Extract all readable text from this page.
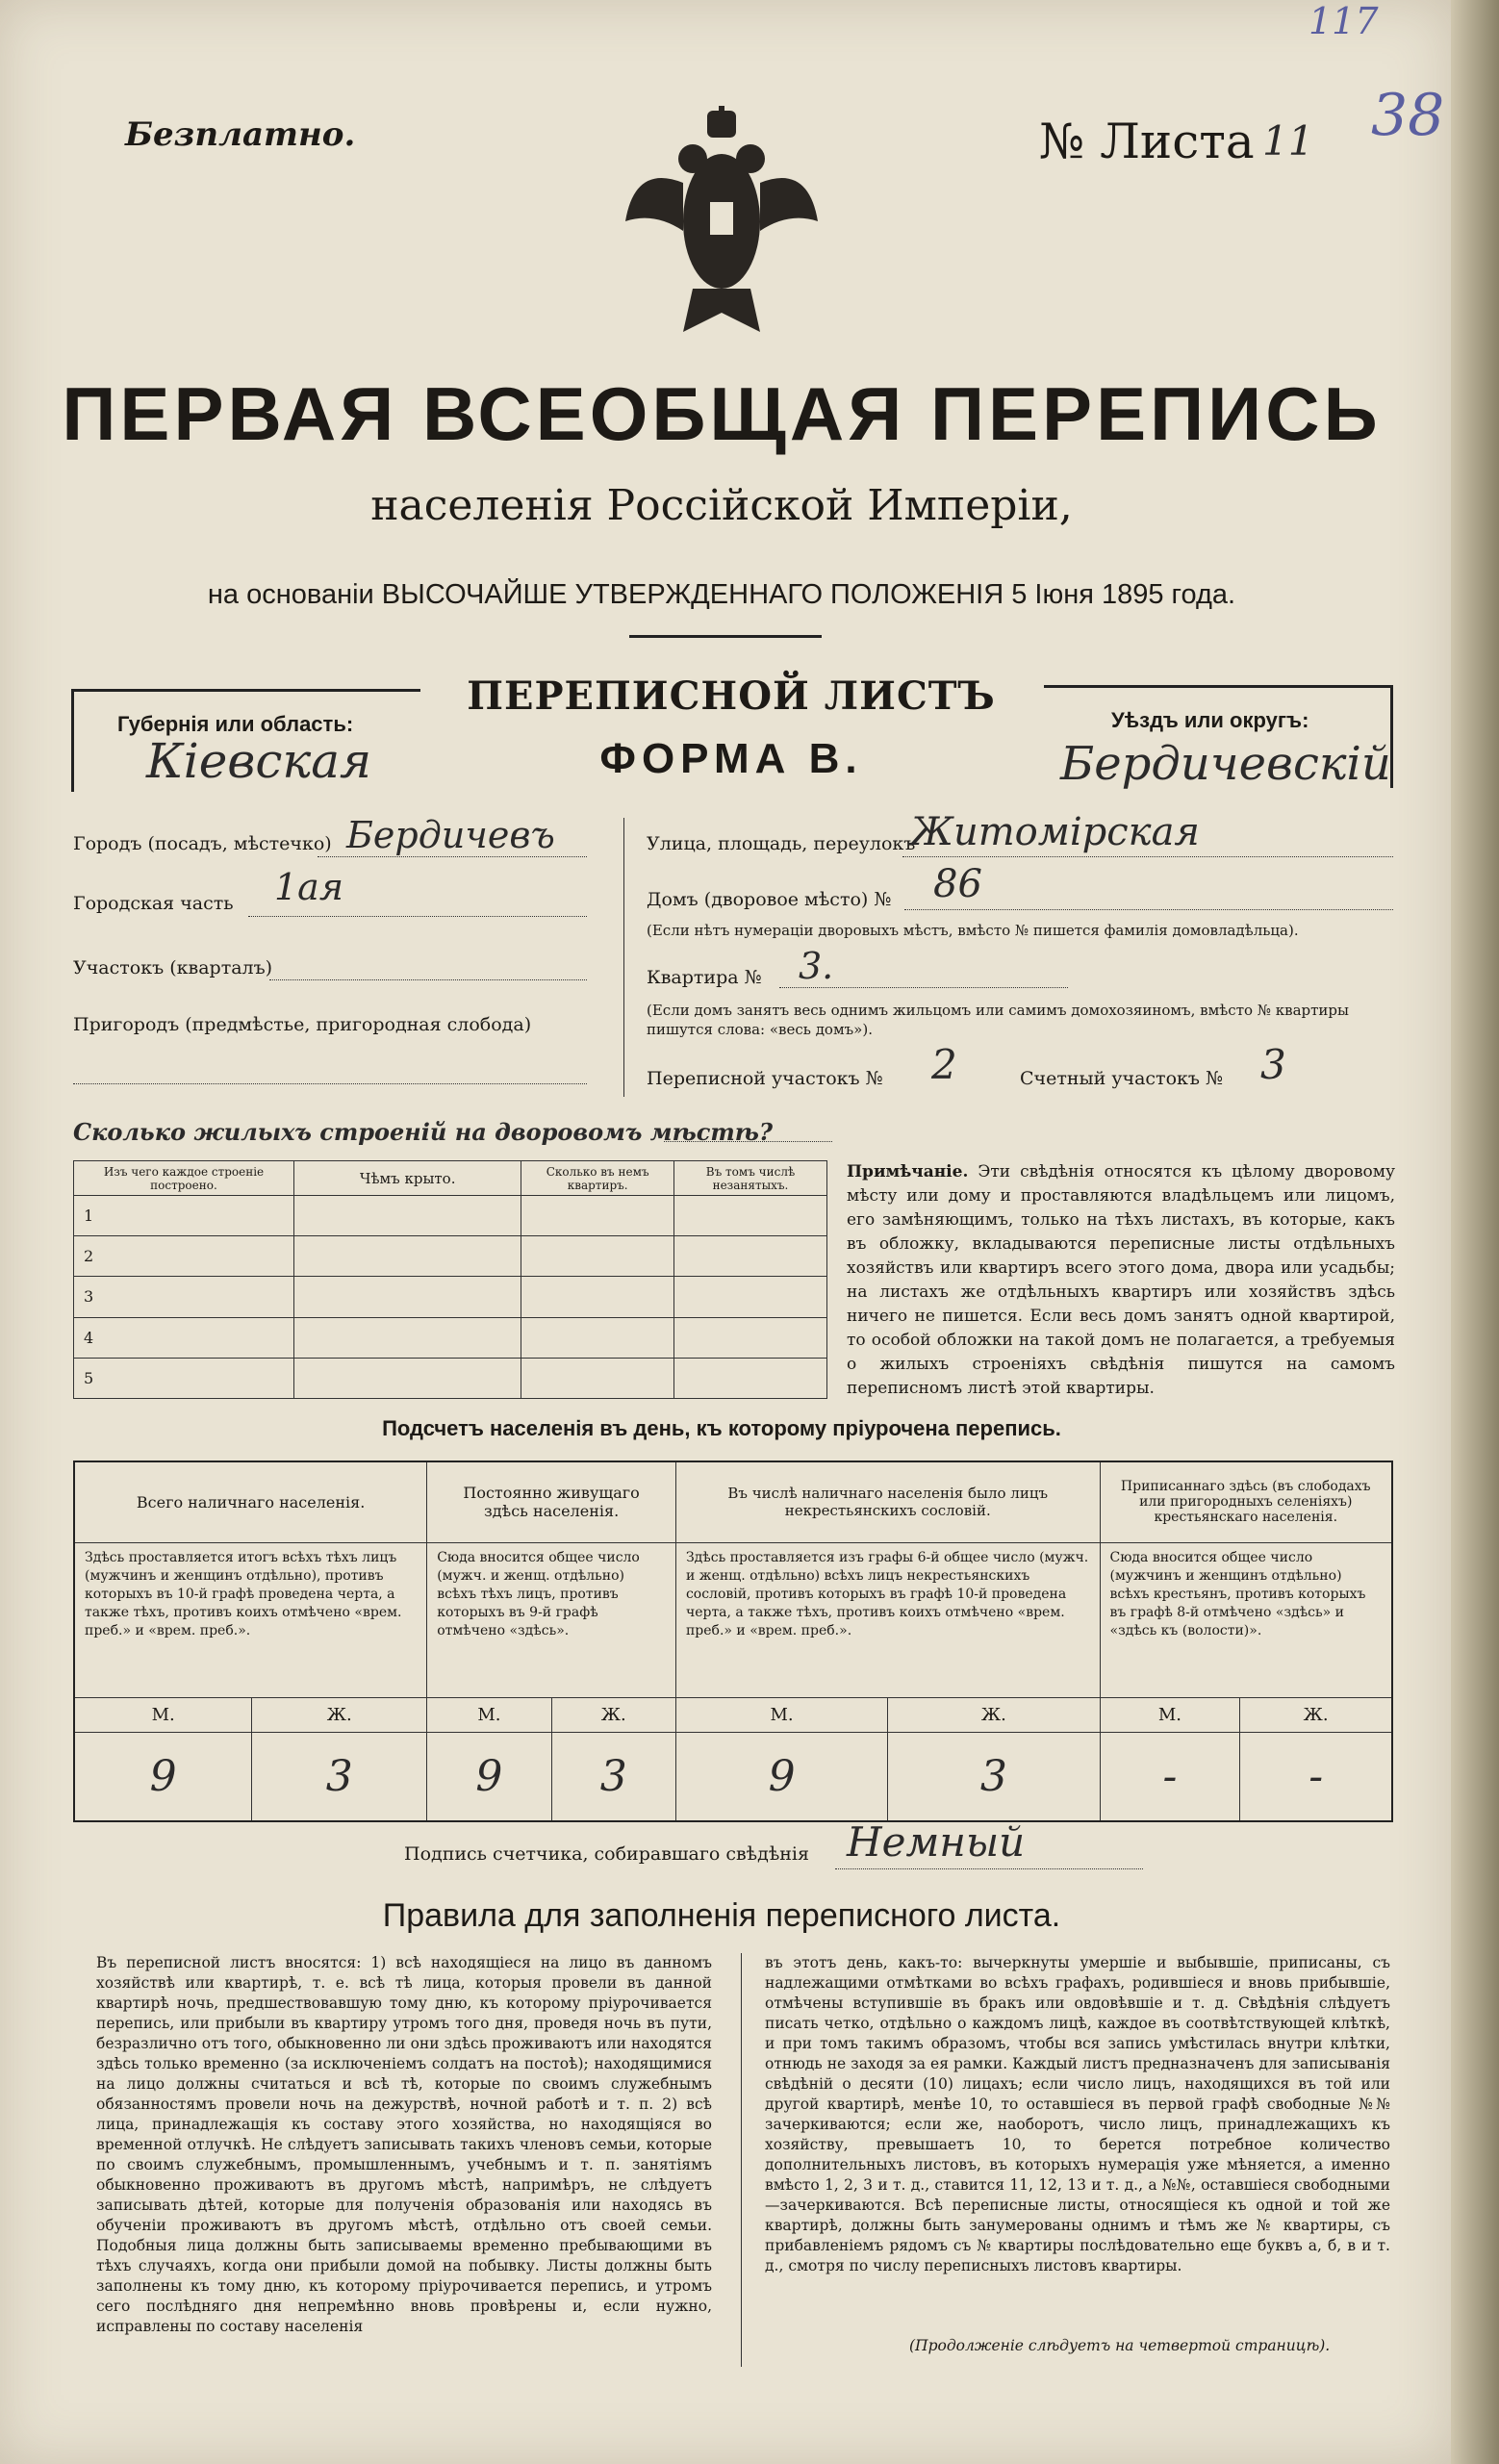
Безплатно.	№ Листа 11
117
38
ПЕРВАЯ ВСЕОБЩАЯ ПЕРЕПИСЬ
населенія Россійской Имперіи,
на основаніи ВЫСОЧАЙШЕ УТВЕРЖДЕННАГО ПОЛОЖЕНІЯ 5 Іюня 1895 года.
Губернія или область:
Кіевская
ПЕРЕПИСНОЙ ЛИСТЪ
ФОРМА В.
Уѣздъ или округъ:
Бердичевскій
Городъ (посадъ, мѣстечко) Бердичевъ
Городская часть 1ая
Участокъ (кварталъ)
Пригородъ (предмѣстье, пригородная слобода)
Улица, площадь, переулокъ
Житомірская
Домъ (дворовое мѣсто) № 86
(Если нѣтъ нумераціи дворовыхъ мѣстъ, вмѣсто № пишется фамилія домовладѣльца).
Квартира № 3.
(Если домъ занятъ весь однимъ жильцомъ или самимъ домохозяиномъ, вмѣсто № квартиры пишутся слова: «весь домъ»).
Переписной участокъ № 2	Счетный участокъ № 3
Сколько жилыхъ строеній на дворовомъ мѣстѣ?
Изъ чего каждое строеніе построено.	Чѣмъ крыто.	Сколько въ немъ квартиръ.	Въ томъ числѣ незанятыхъ.
1			
2			
3			
4			
5			
Примѣчаніе. Эти свѣдѣнія относятся къ цѣлому дворовому мѣсту или дому и проставляются владѣльцемъ или лицомъ, его замѣняющимъ, только на тѣхъ листахъ, въ которые, какъ въ обложку, вкладываются переписные листы отдѣльныхъ хозяйствъ или квартиръ всего этого дома, двора или усадьбы; на листахъ же отдѣльныхъ квартиръ или хозяйствъ здѣсь ничего не пишется. Если весь домъ занятъ одной квартирой, то особой обложки на такой домъ не полагается, а требуемыя о жилыхъ строеніяхъ свѣдѣнія пишутся на самомъ переписномъ листѣ этой квартиры.
Подсчетъ населенія въ день, къ которому пріурочена перепись.
Всего наличнаго населенія.		Постоянно живущаго здѣсь населенія.		Въ числѣ наличнаго населенія было лицъ некрестьянскихъ сословій.		Приписаннаго здѣсь (въ слободахъ или пригородныхъ селеніяхъ) крестьянскаго населенія.	
Здѣсь проставляется итогъ всѣхъ тѣхъ лицъ (мужчинъ и женщинъ отдѣльно), противъ которыхъ въ 10-й графѣ проведена черта, а также тѣхъ, противъ коихъ отмѣчено «врем. преб.» и «врем. преб.».		Сюда вносится общее число (мужч. и женщ. отдѣльно) всѣхъ тѣхъ лицъ, противъ которыхъ въ 9-й графѣ отмѣчено «здѣсь».		Здѣсь проставляется изъ графы 6-й общее число (мужч. и женщ. отдѣльно) всѣхъ лицъ некрестьянскихъ сословій, противъ которыхъ въ графѣ 10-й проведена черта, а также тѣхъ, противъ коихъ отмѣчено «врем. преб.» и «врем. преб.».		Сюда вносится общее число (мужчинъ и женщинъ отдѣльно) всѣхъ крестьянъ, противъ которыхъ въ графѣ 8-й отмѣчено «здѣсь» и «здѣсь къ (волости)».	
М.	Ж.	М.	Ж.	М.	Ж.	М.	Ж.
9	3	9	3	9	3	-	-
Подпись счетчика, собиравшаго свѣдѣнія Немный
Правила для заполненія переписного листа.
Въ переписной листъ вносятся: 1) всѣ находящіеся на лицо въ данномъ хозяйствѣ или квартирѣ, т. е. всѣ тѣ лица, которыя провели въ данной квартирѣ ночь, предшествовавшую тому дню, къ которому пріурочивается перепись, или прибыли въ квартиру утромъ того дня, проведя ночь въ пути, безразлично отъ того, обыкновенно ли они здѣсь проживаютъ или находятся здѣсь только временно (за исключеніемъ солдатъ на постоѣ); находящимися на лицо должны считаться и всѣ тѣ, которые по своимъ служебнымъ обязанностямъ провели ночь на дежурствѣ, ночной работѣ и т. п. 2) всѣ лица, принадлежащія къ составу этого хозяйства, но находящіяся во временной отлучкѣ. Не слѣдуетъ записывать такихъ членовъ семьи, которые по своимъ служебнымъ, промышленнымъ, учебнымъ и т. п. занятіямъ обыкновенно проживаютъ въ другомъ мѣстѣ, напримѣръ, не слѣдуетъ записывать дѣтей, которые для полученія образованія или находясь въ обученіи проживаютъ въ другомъ мѣстѣ, отдѣльно отъ своей семьи. Подобныя лица должны быть записываемы временно пребывающими въ тѣхъ случаяхъ, когда они прибыли домой на побывку. Листы должны быть заполнены къ тому дню, къ которому пріурочивается перепись, и утромъ сего послѣдняго дня непремѣнно вновь провѣрены и, если нужно, исправлены по составу населенія
въ этотъ день, какъ-то: вычеркнуты умершіе и выбывшіе, приписаны, съ надлежащими отмѣтками во всѣхъ графахъ, родившіеся и вновь прибывшіе, отмѣчены вступившіе въ бракъ или овдовѣвшіе и т. д. Свѣдѣнія слѣдуетъ писать четко, отдѣльно о каждомъ лицѣ, каждое въ соотвѣтствующей клѣткѣ, и при томъ такимъ образомъ, чтобы вся запись умѣстилась внутри клѣтки, отнюдь не заходя за ея рамки. Каждый листъ предназначенъ для записыванія свѣдѣній о десяти (10) лицахъ; если число лицъ, находящихся въ той или другой квартирѣ, менѣе 10, то оставшіеся въ первой графѣ свободные №№ зачеркиваются; если же, наоборотъ, число лицъ, принадлежащихъ къ хозяйству, превышаетъ 10, то берется потребное количество дополнительныхъ листовъ, въ которыхъ нумерація уже мѣняется, а именно вмѣсто 1, 2, 3 и т. д., ставится 11, 12, 13 и т. д., а №№, оставшіеся свободными—зачеркиваются. Всѣ переписные листы, относящіеся къ одной и той же квартирѣ, должны быть занумерованы однимъ и тѣмъ же № квартиры, съ прибавленіемъ рядомъ съ № квартиры послѣдовательно еще буквъ а, б, в и т. д., смотря по числу переписныхъ листовъ квартиры.
(Продолженіе слѣдуетъ на четвертой страницѣ).
